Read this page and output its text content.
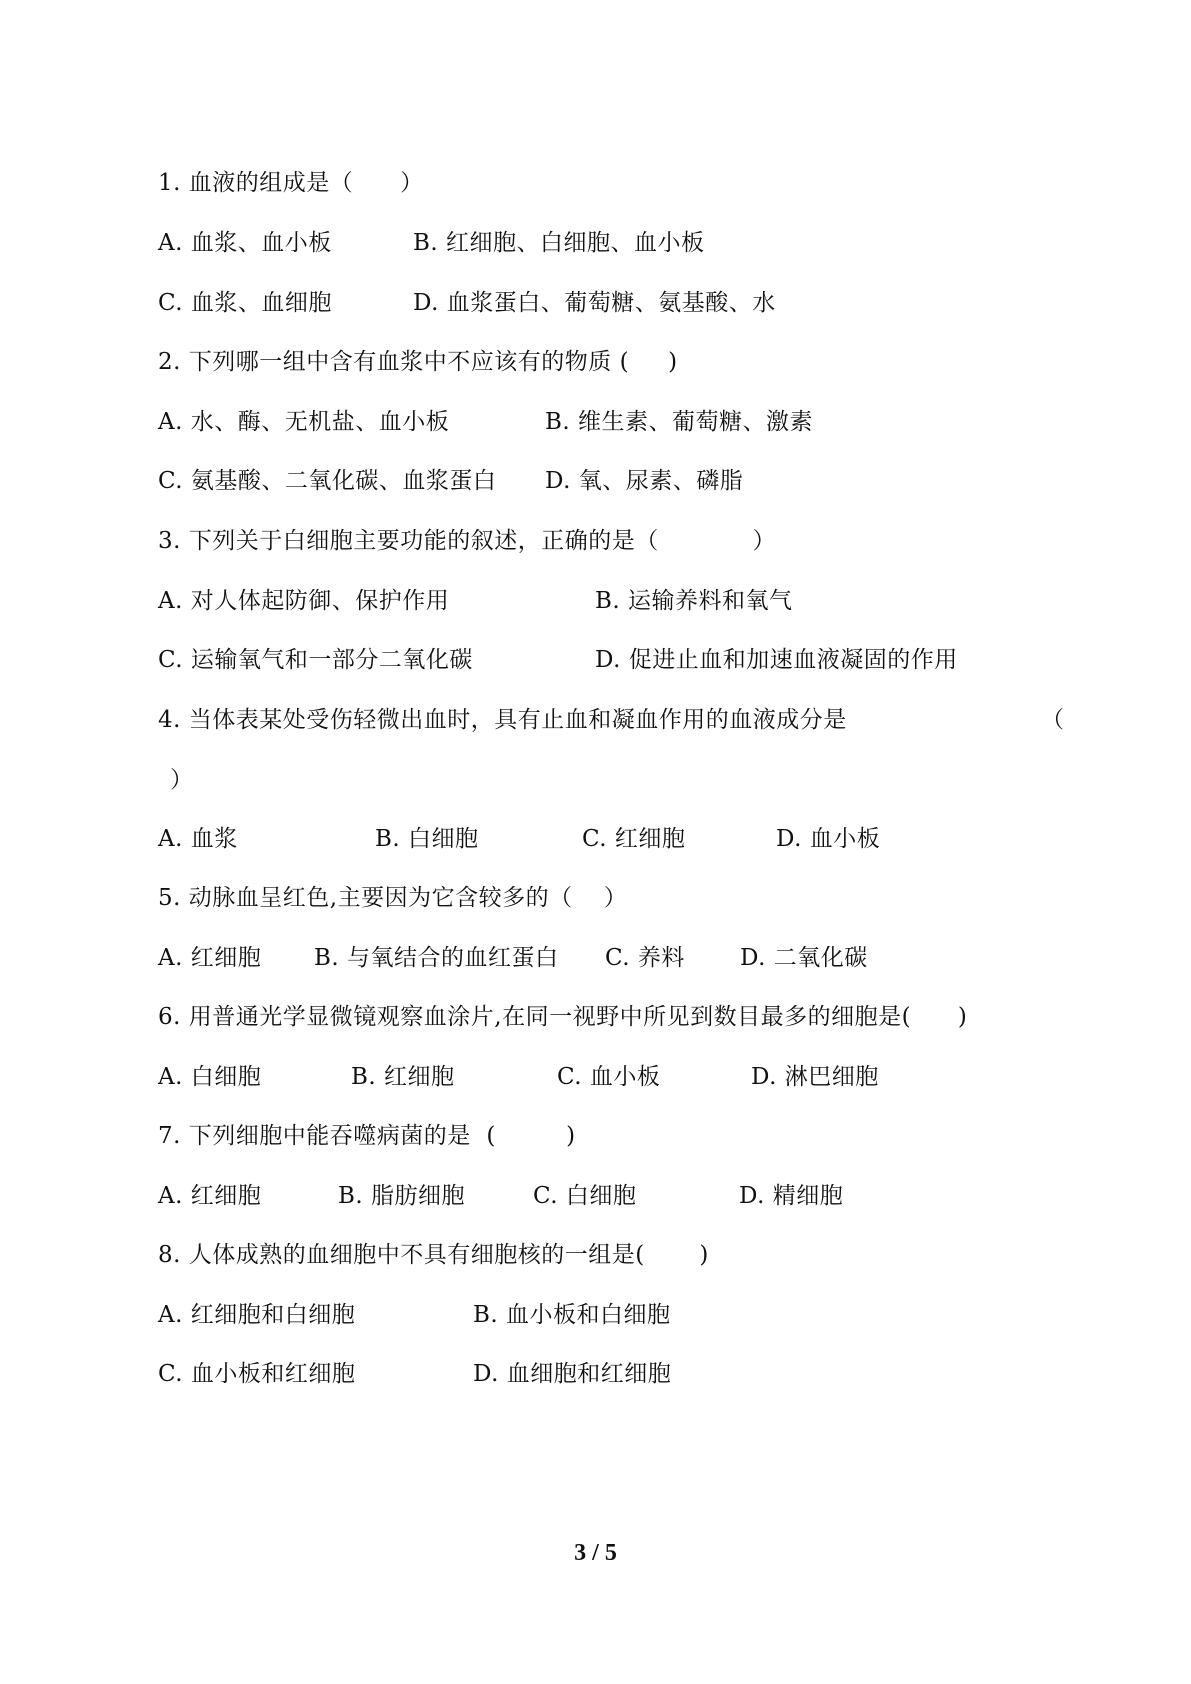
1. 血液的组成是（      ）
A. 血浆、血小板	B. 红细胞、白细胞、血小板
C. 血浆、血细胞	D. 血浆蛋白、葡萄糖、氨基酸、水
2. 下列哪一组中含有血浆中不应该有的物质 (     )
A. 水、酶、无机盐、血小板	B. 维生素、葡萄糖、激素
C. 氨基酸、二氧化碳、血浆蛋白 D. 氧、尿素、磷脂
3. 下列关于白细胞主要功能的叙述，正确的是（            ）
A. 对人体起防御、保护作用	B. 运输养料和氧气
C. 运输氧气和一部分二氧化碳	D. 促进止血和加速血液凝固的作用
4. 当体表某处受伤轻微出血时，具有止血和凝血作用的血液成分是	（
）
A. 血浆	B. 白细胞	C. 红细胞	D. 血小板
5. 动脉血呈红色,主要因为它含较多的（    ）
A. 红细胞 B. 与氧结合的血红蛋白 C. 养料 D. 二氧化碳
6. 用普通光学显微镜观察血涂片,在同一视野中所见到数目最多的细胞是(      )
A. 白细胞	B. 红细胞	C. 血小板	D. 淋巴细胞
7. 下列细胞中能吞噬病菌的是  (         )
A. 红细胞	B. 脂肪细胞	C. 白细胞	D. 精细胞
8. 人体成熟的血细胞中不具有细胞核的一组是(       )
A. 红细胞和白细胞	B. 血小板和白细胞
C. 血小板和红细胞	D. 血细胞和红细胞
3 / 5
